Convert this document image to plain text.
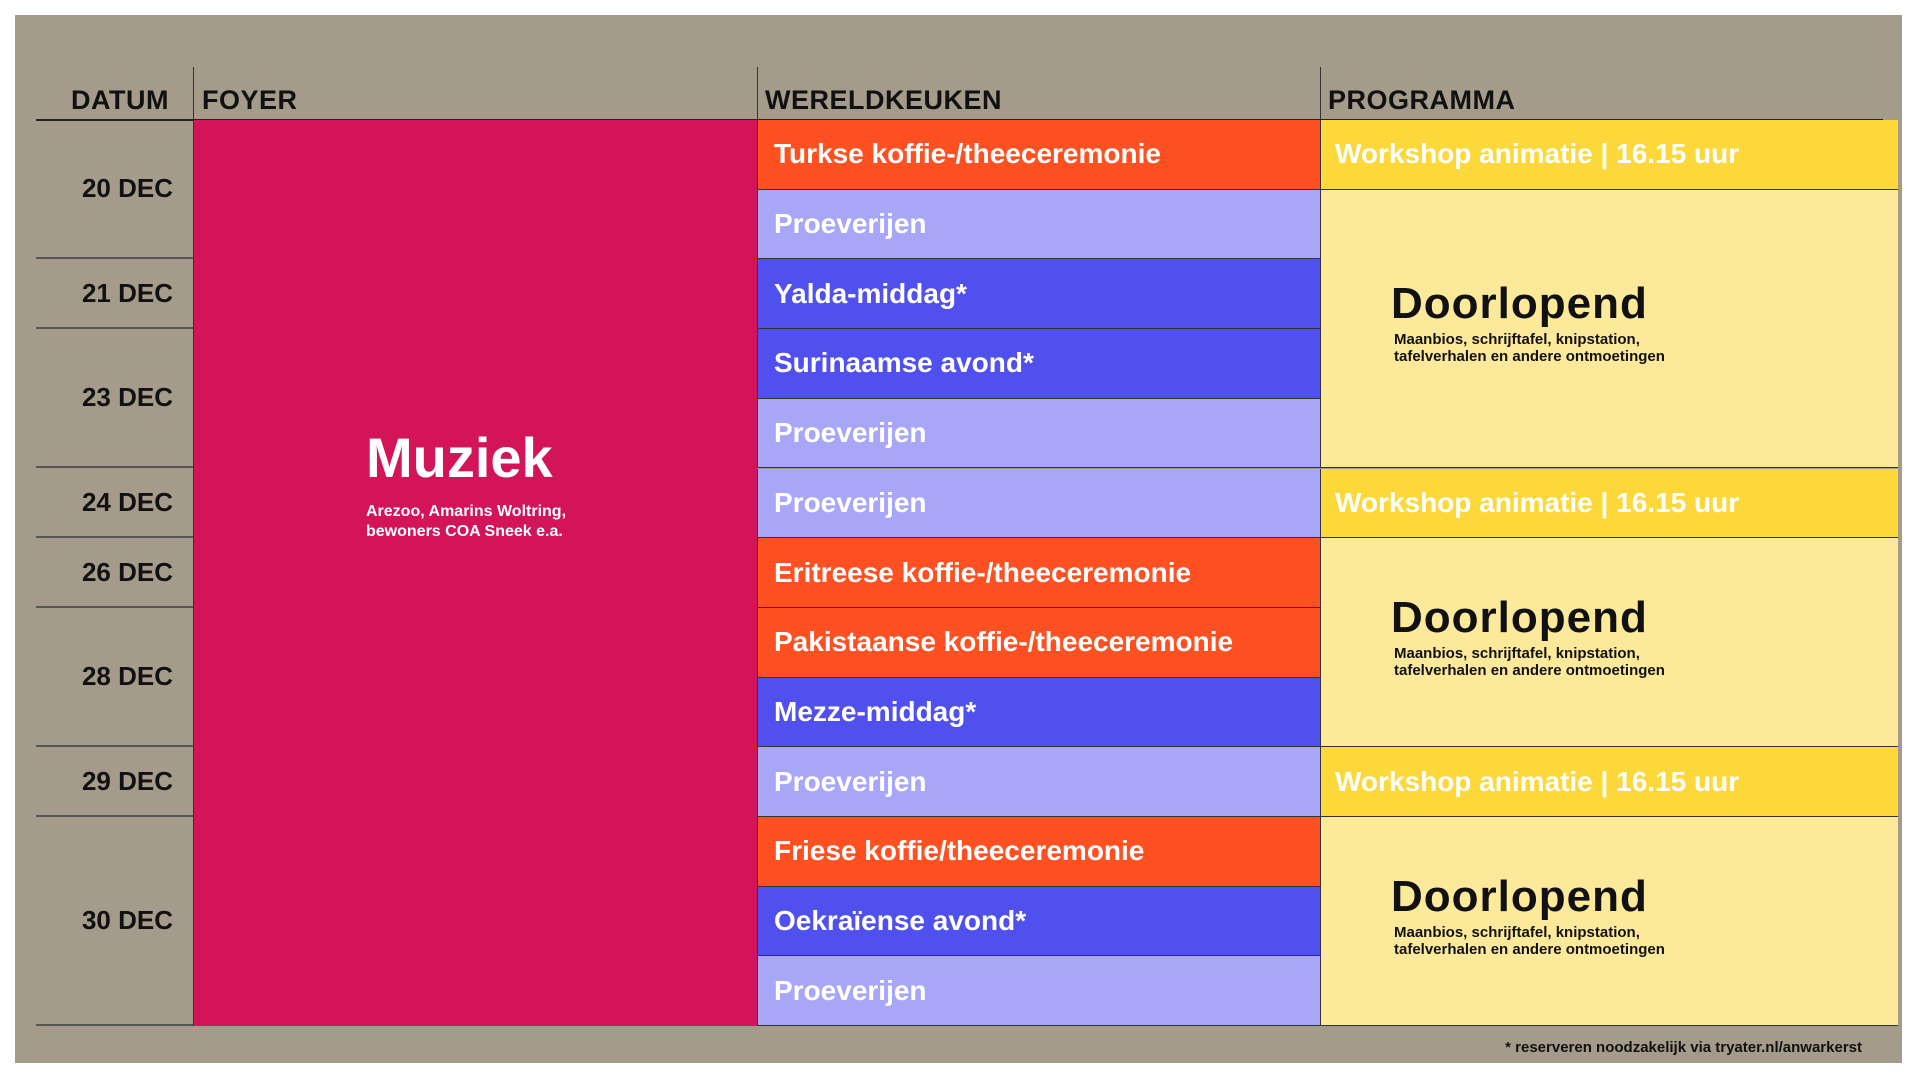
DATUM FOYER	WERELDKEUKEN	PROGRAMMA
Muziek
Arezoo, Amarins Woltring,
bewoners COA Sneek e.a.
20 DEC
21 DEC
23 DEC
24 DEC
26 DEC
28 DEC
29 DEC
30 DEC
Turkse koffie-/theeceremonie
Proeverijen
Yalda-middag*
Surinaamse avond*
Proeverijen
Proeverijen
Eritreese koffie-/theeceremonie
Pakistaanse koffie-/theeceremonie
Mezze-middag*
Proeverijen
Friese koffie/theeceremonie
Oekraïense avond*
Proeverijen
Workshop animatie | 16.15 uur
Doorlopend
Maanbios, schrijftafel, knipstation,
tafelverhalen en andere ontmoetingen
Workshop animatie | 16.15 uur
Doorlopend
Maanbios, schrijftafel, knipstation,
tafelverhalen en andere ontmoetingen
Workshop animatie | 16.15 uur
Doorlopend
Maanbios, schrijftafel, knipstation,
tafelverhalen en andere ontmoetingen
* reserveren noodzakelijk via tryater.nl/anwarkerst
